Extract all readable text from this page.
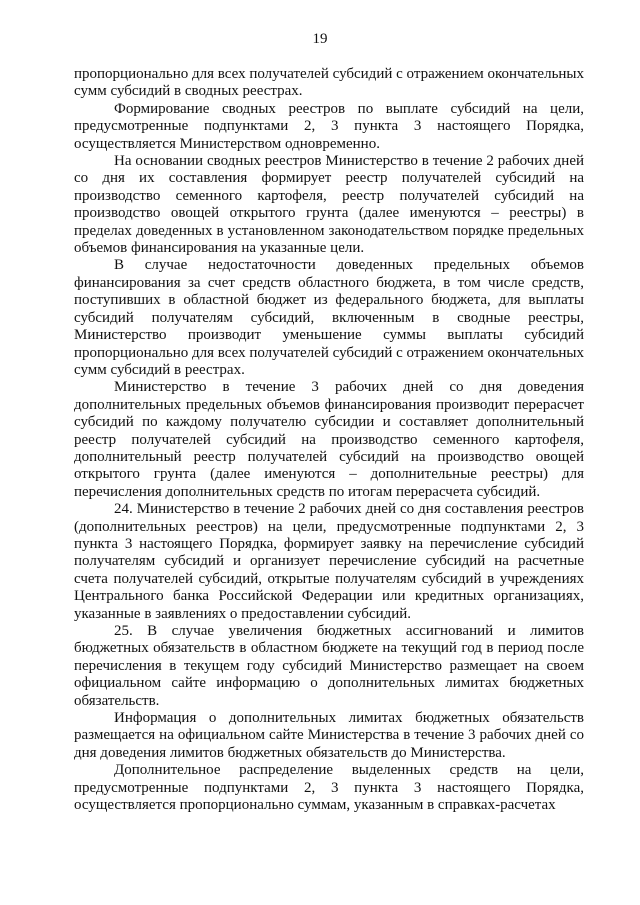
19

пропорционально для всех получателей субсидий с отражением окончательных сумм субсидий в сводных реестрах.

Формирование сводных реестров по выплате субсидий на цели, предусмотренные подпунктами 2, 3 пункта 3 настоящего Порядка, осуществляется Министерством одновременно.

На основании сводных реестров Министерство в течение 2 рабочих дней со дня их составления формирует реестр получателей субсидий на производство семенного картофеля, реестр получателей субсидий на производство овощей открытого грунта (далее именуются – реестры) в пределах доведенных в установленном законодательством порядке предельных объемов финансирования на указанные цели.

В случае недостаточности доведенных предельных объемов финансирования за счет средств областного бюджета, в том числе средств, поступивших в областной бюджет из федерального бюджета, для выплаты субсидий получателям субсидий, включенным в сводные реестры, Министерство производит уменьшение суммы выплаты субсидий пропорционально для всех получателей субсидий с отражением окончательных сумм субсидий в реестрах.

Министерство в течение 3 рабочих дней со дня доведения дополнительных предельных объемов финансирования производит перерасчет субсидий по каждому получателю субсидии и составляет дополнительный реестр получателей субсидий на производство семенного картофеля, дополнительный реестр получателей субсидий на производство овощей открытого грунта (далее именуются – дополнительные реестры) для перечисления дополнительных средств по итогам перерасчета субсидий.

24. Министерство в течение 2 рабочих дней со дня составления реестров (дополнительных реестров) на цели, предусмотренные подпунктами 2, 3 пункта 3 настоящего Порядка, формирует заявку на перечисление субсидий получателям субсидий и организует перечисление субсидий на расчетные счета получателей субсидий, открытые получателям субсидий в учреждениях Центрального банка Российской Федерации или кредитных организациях, указанные в заявлениях о предоставлении субсидий.

25. В случае увеличения бюджетных ассигнований и лимитов бюджетных обязательств в областном бюджете на текущий год в период после перечисления в текущем году субсидий Министерство размещает на своем официальном сайте информацию о дополнительных лимитах бюджетных обязательств.

Информация о дополнительных лимитах бюджетных обязательств размещается на официальном сайте Министерства в течение 3 рабочих дней со дня доведения лимитов бюджетных обязательств до Министерства.

Дополнительное распределение выделенных средств на цели, предусмотренные подпунктами 2, 3 пункта 3 настоящего Порядка, осуществляется пропорционально суммам, указанным в справках-расчетах
